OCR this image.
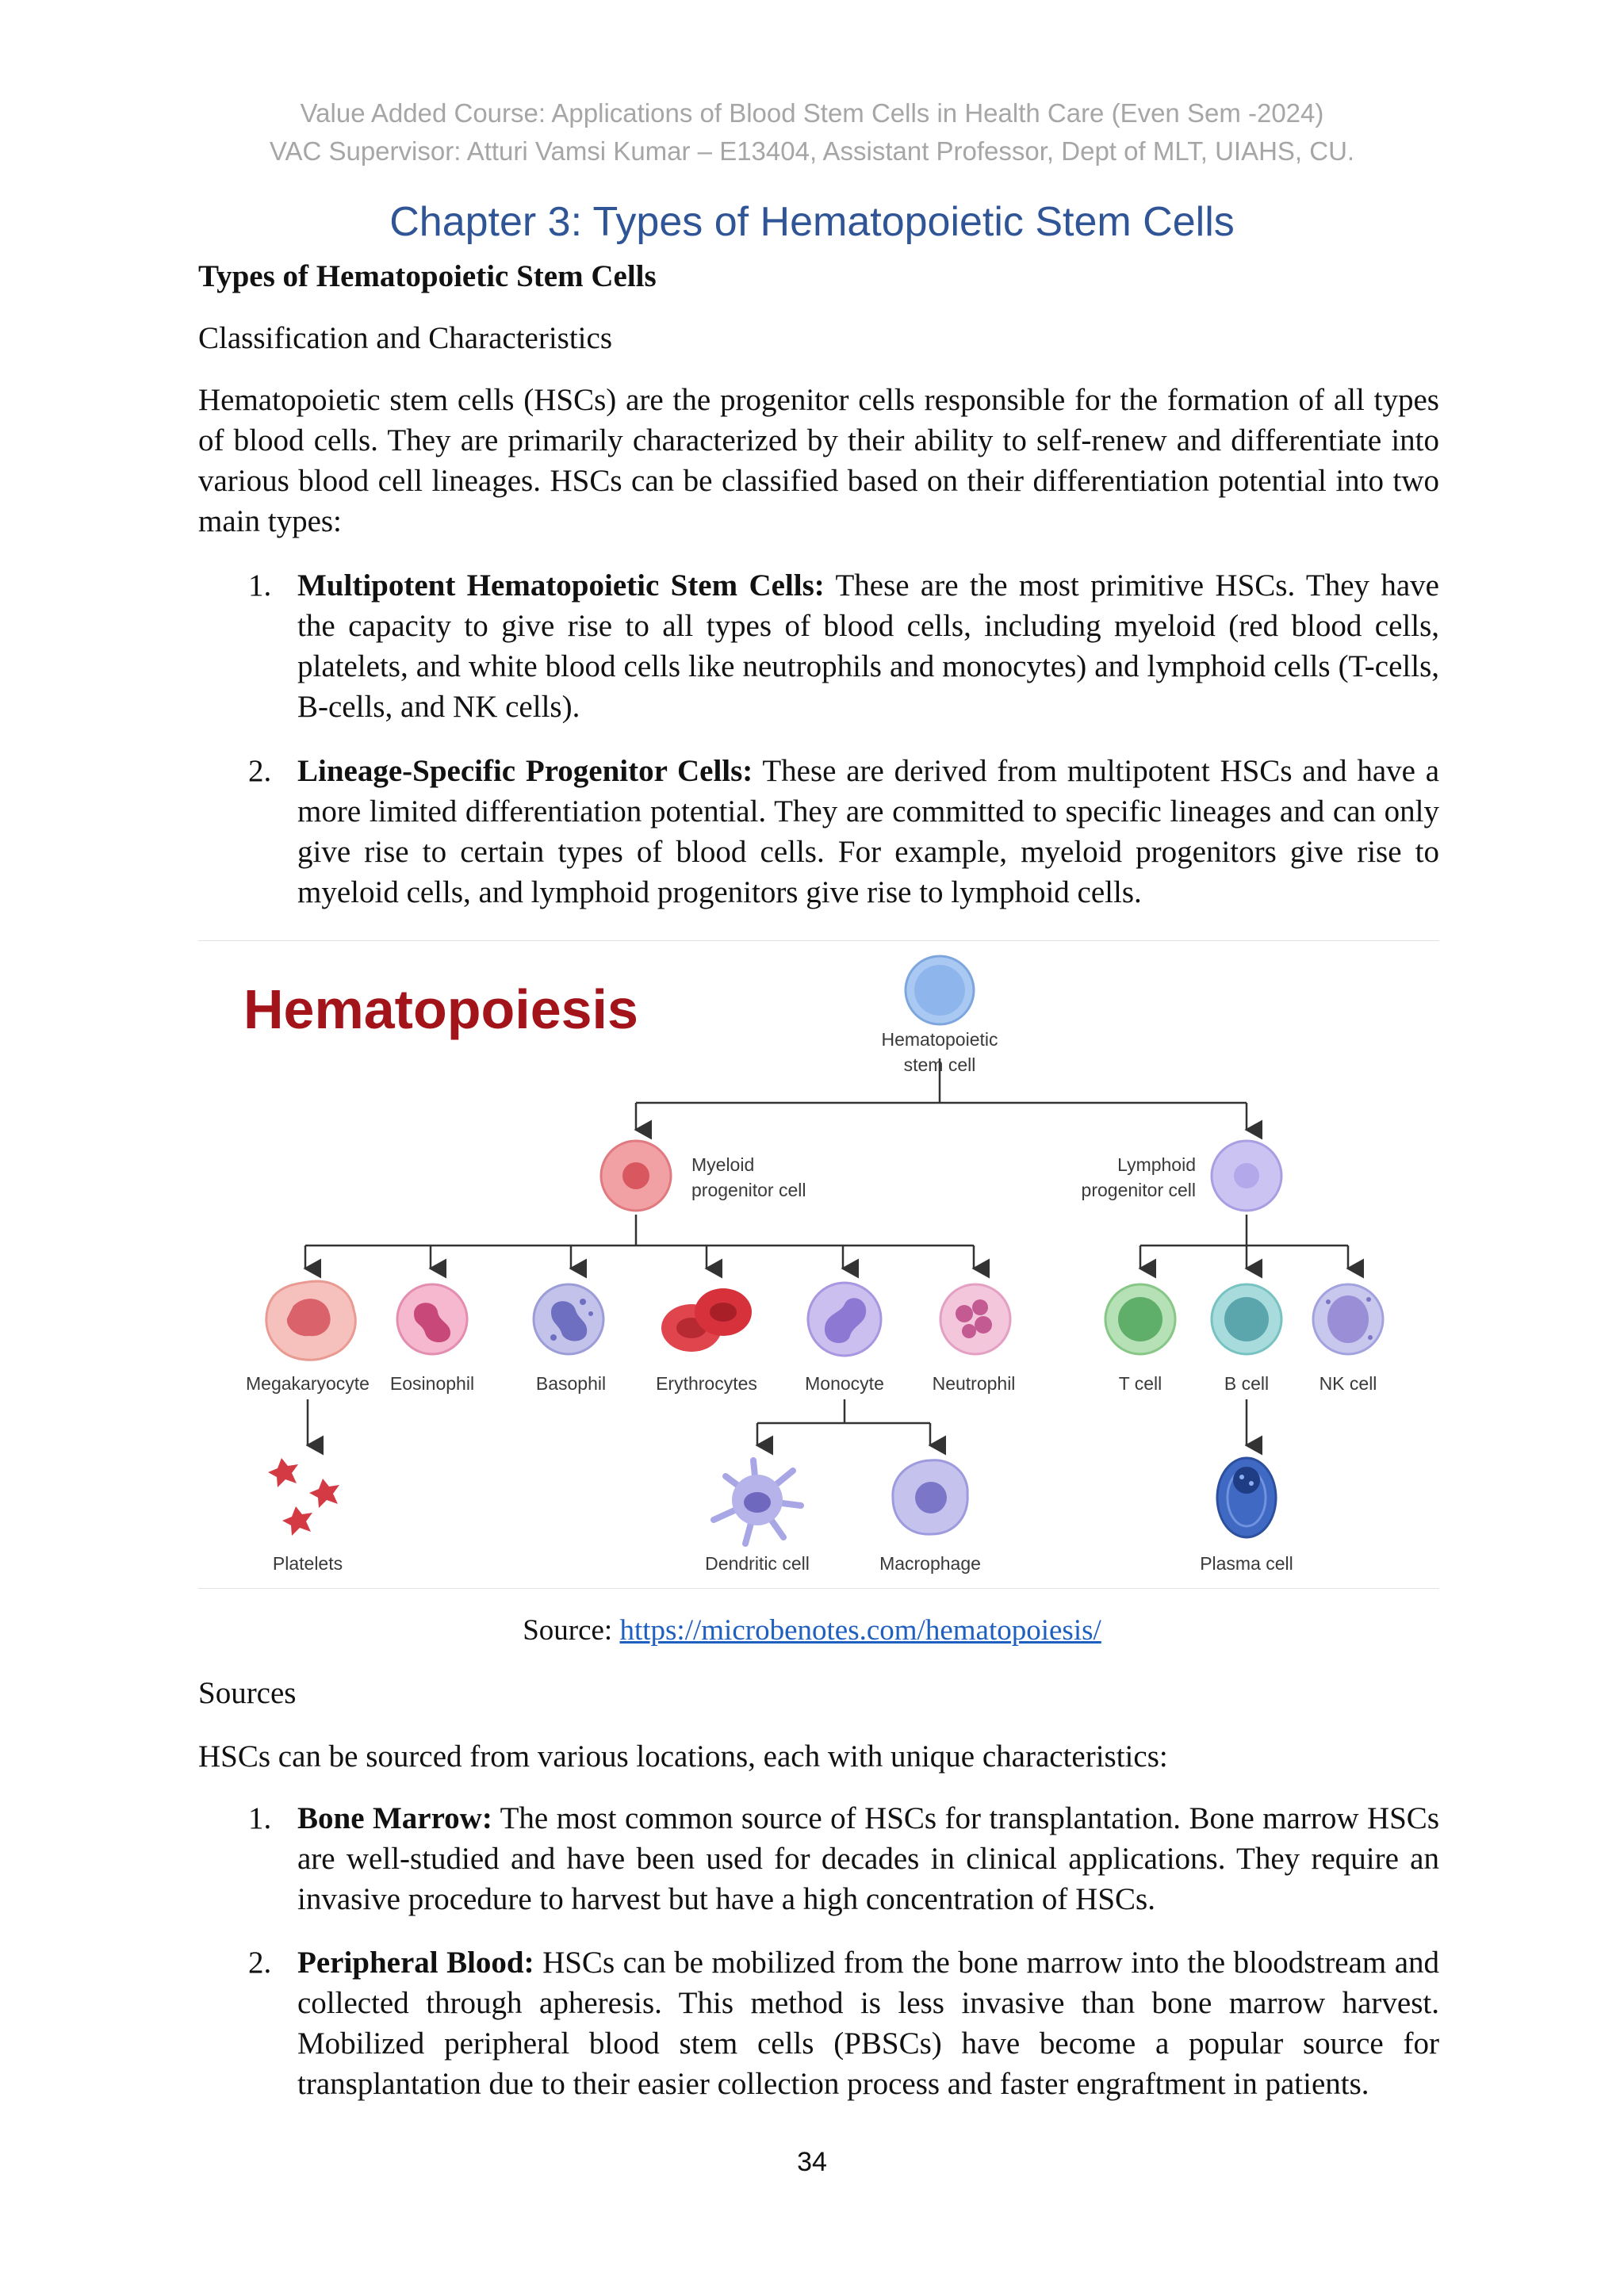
Value Added Course: Applications of Blood Stem Cells in Health Care (Even Sem -2024)
VAC Supervisor: Atturi Vamsi Kumar – E13404, Assistant Professor, Dept of MLT, UIAHS, CU.
Chapter 3: Types of Hematopoietic Stem Cells

Types of Hematopoietic Stem Cells

Classification and Characteristics

Hematopoietic stem cells (HSCs) are the progenitor cells responsible for the formation of all types of blood cells. They are primarily characterized by their ability to self-renew and differentiate into various blood cell lineages. HSCs can be classified based on their differentiation potential into two main types:

1. Multipotent Hematopoietic Stem Cells: These are the most primitive HSCs. They have the capacity to give rise to all types of blood cells, including myeloid (red blood cells, platelets, and white blood cells like neutrophils and monocytes) and lymphoid cells (T-cells, B-cells, and NK cells).

2. Lineage-Specific Progenitor Cells: These are derived from multipotent HSCs and have a more limited differentiation potential. They are committed to specific lineages and can only give rise to certain types of blood cells. For example, myeloid progenitors give rise to myeloid cells, and lymphoid progenitors give rise to lymphoid cells.

Hematopoiesis	Hematopoietic
stem cell
Myeloid
progenitor cell
Lymphoid
progenitor cell
Megakaryocyte Eosinophil	Basophil	Erythrocytes	Monocyte	Neutrophil	T cell	B cell	NK cell
Platelets	Dendritic cell	Macrophage	Plasma cell
Source: https://microbenotes.com/hematopoiesis/

Sources

HSCs can be sourced from various locations, each with unique characteristics:

1. Bone Marrow: The most common source of HSCs for transplantation. Bone marrow HSCs are well-studied and have been used for decades in clinical applications. They require an invasive procedure to harvest but have a high concentration of HSCs.

2. Peripheral Blood: HSCs can be mobilized from the bone marrow into the bloodstream and collected through apheresis. This method is less invasive than bone marrow harvest. Mobilized peripheral blood stem cells (PBSCs) have become a popular source for transplantation due to their easier collection process and faster engraftment in patients.

34
